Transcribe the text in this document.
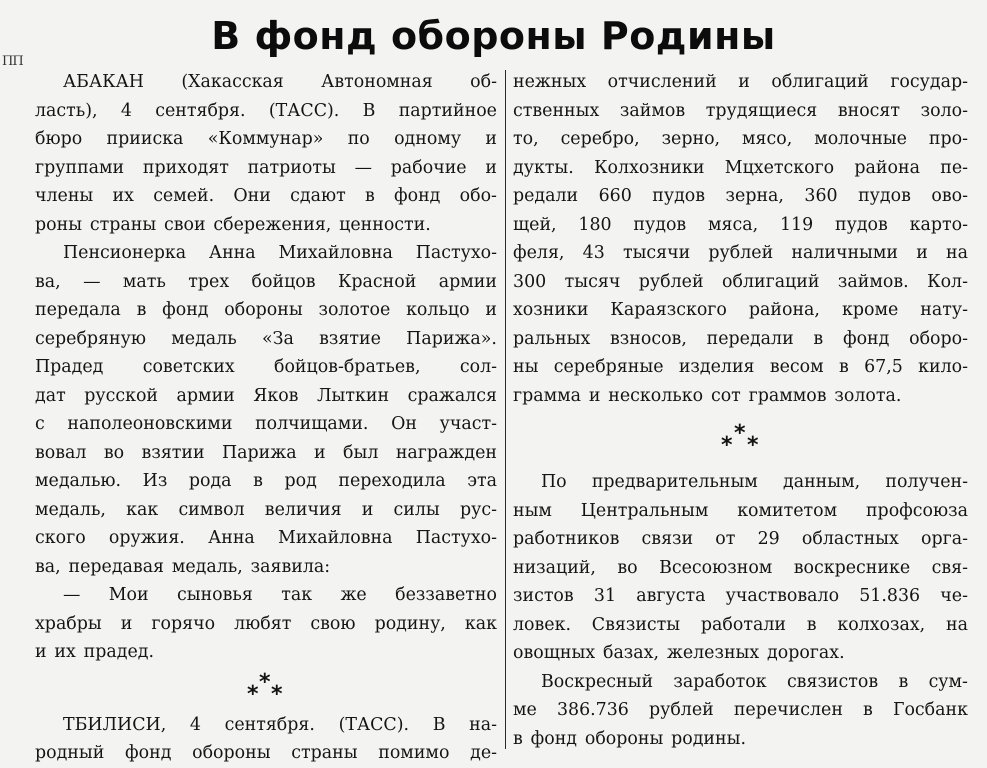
В фонд обороны Родины
ПП
АБАКАН (Хакасская Автономная об-
ласть), 4 сентября. (ТАСС). В партийное
бюро прииска «Коммунар» по одному и
группами приходят патриоты — рабочие и
члены их семей. Они сдают в фонд обо-
роны страны свои сбережения, ценности.
Пенсионерка Анна Михайловна Пастухо-
ва, — мать трех бойцов Красной армии
передала в фонд обороны золотое кольцо и
серебряную медаль «За взятие Парижа».
Прадед советских бойцов-братьев, сол-
дат русской армии Яков Лыткин сражался
с наполеоновскими полчищами. Он участ-
вовал во взятии Парижа и был награжден
медалью. Из рода в род переходила эта
медаль, как символ величия и силы рус-
ского оружия. Анна Михайловна Пастухо-
ва, передавая медаль, заявила:
— Мои сыновья так же беззаветно
храбры и горячо любят свою родину, как
и их прадед.
* * *
ТБИЛИСИ, 4 сентября. (ТАСС). В на-
родный фонд обороны страны помимо де-
нежных отчислений и облигаций государ-
ственных займов трудящиеся вносят золо-
то, серебро, зерно, мясо, молочные про-
дукты. Колхозники Мцхетского района пе-
редали 660 пудов зерна, 360 пудов ово-
щей, 180 пудов мяса, 119 пудов карто-
феля, 43 тысячи рублей наличными и на
300 тысяч рублей облигаций займов. Кол-
хозники Караязского района, кроме нату-
ральных взносов, передали в фонд оборо-
ны серебряные изделия весом в 67,5 кило-
грамма и несколько сот граммов золота.
* * *
По предварительным данным, получен-
ным Центральным комитетом профсоюза
работников связи от 29 областных орга-
низаций, во Всесоюзном воскреснике свя-
зистов 31 августа участвовало 51.836 че-
ловек. Связисты работали в колхозах, на
овощных базах, железных дорогах.
Воскресный заработок связистов в сум-
ме 386.736 рублей перечислен в Госбанк
в фонд обороны родины.
